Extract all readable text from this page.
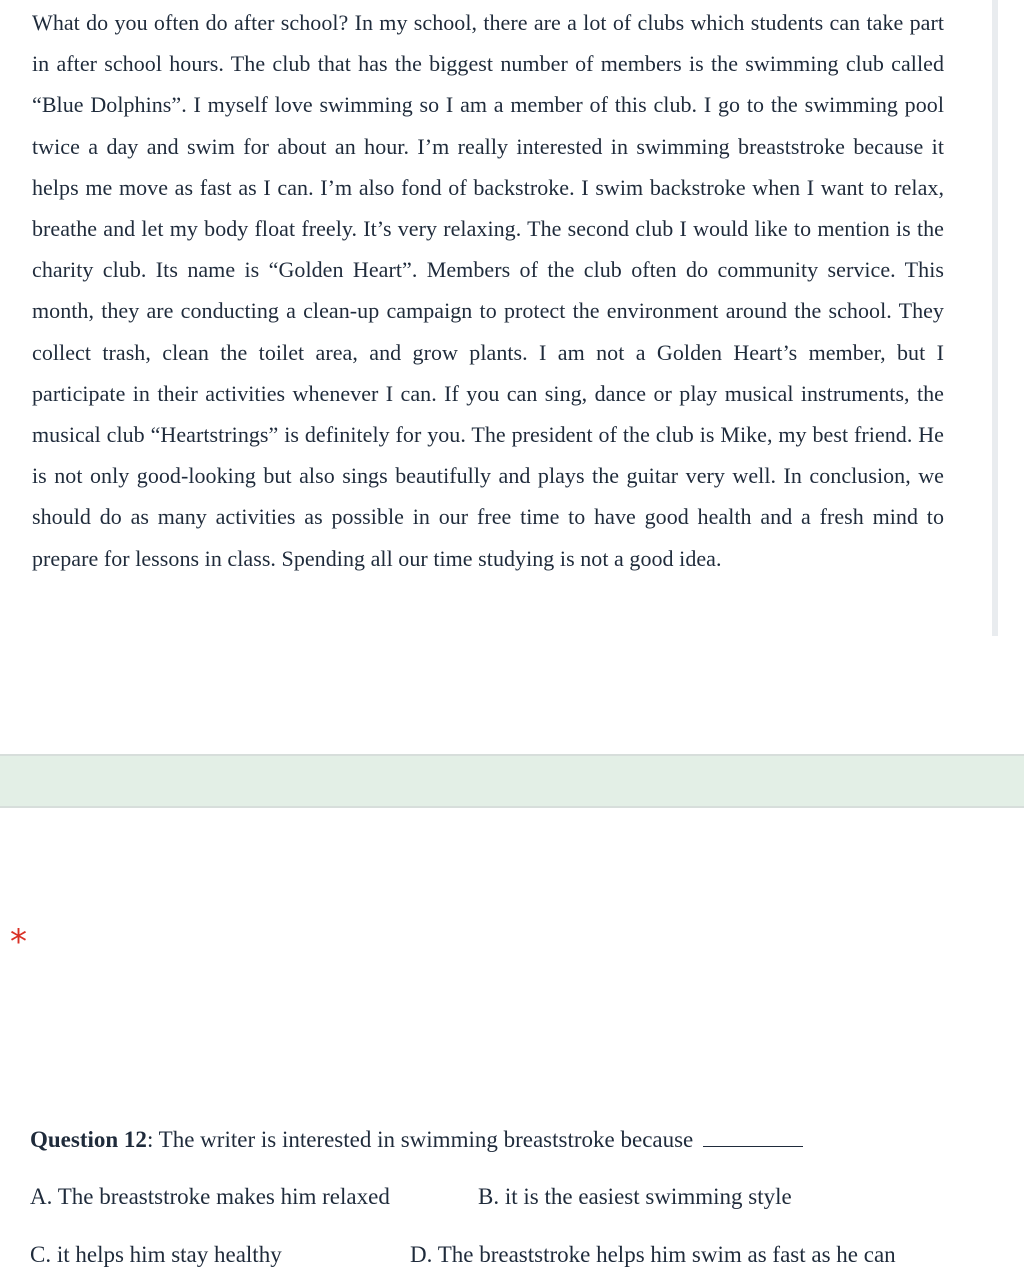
What do you often do after school? In my school, there are a lot of clubs which students can take part in after school hours. The club that has the biggest number of members is the swimming club called “Blue Dolphins”. I myself love swimming so I am a member of this club. I go to the swimming pool twice a day and swim for about an hour. I’m really interested in swimming breaststroke because it helps me move as fast as I can. I’m also fond of backstroke. I swim backstroke when I want to relax, breathe and let my body float freely. It’s very relaxing. The second club I would like to mention is the charity club. Its name is “Golden Heart”. Members of the club often do community service. This month, they are conducting a clean-up campaign to protect the environment around the school. They collect trash, clean the toilet area, and grow plants. I am not a Golden Heart’s member, but I participate in their activities whenever I can. If you can sing, dance or play musical instruments, the musical club “Heartstrings” is definitely for you. The president of the club is Mike, my best friend. He is not only good-looking but also sings beautifully and plays the guitar very well. In conclusion, we should do as many activities as possible in our free time to have good health and a fresh mind to prepare for lessons in class. Spending all our time studying is not a good idea.

*
Question 12: The writer is interested in swimming breaststroke because
A. The breaststroke makes him relaxed	B. it is the easiest swimming style
C. it helps him stay healthy	D. The breaststroke helps him swim as fast as he can
